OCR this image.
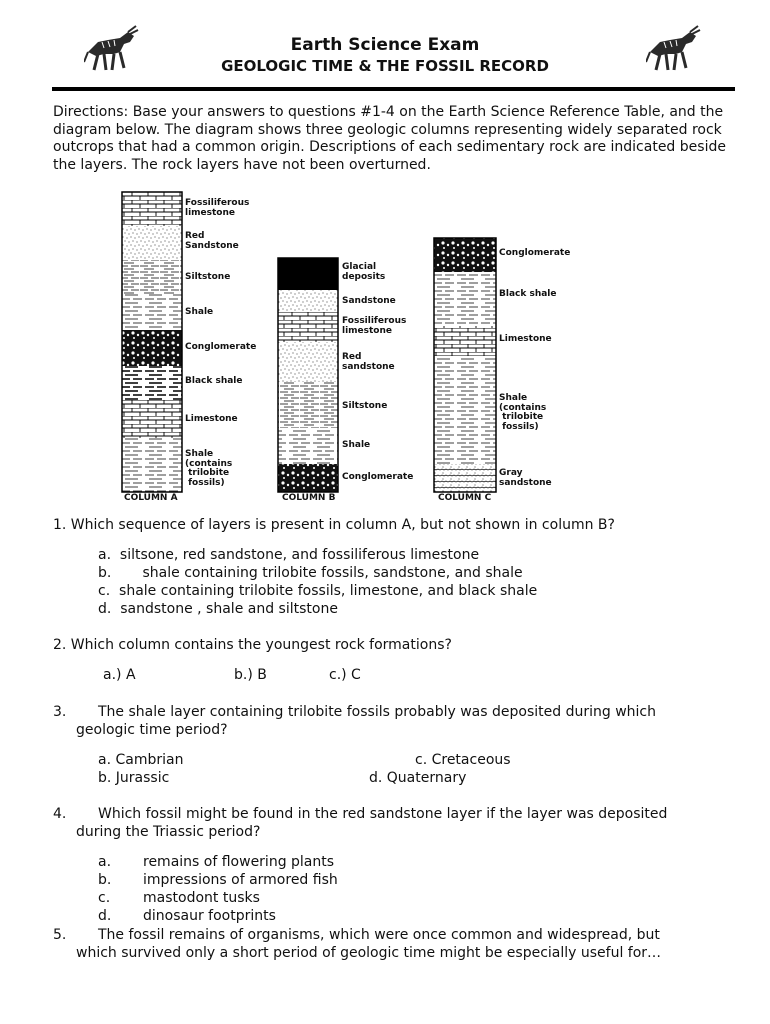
Earth Science Exam
GEOLOGIC TIME & THE FOSSIL RECORD
Directions: Base your answers to questions #1-4 on the Earth Science Reference Table, and the diagram below. The diagram shows three geologic columns representing widely separated rock outcrops that had a common origin. Descriptions of each sedimentary rock are indicated beside the layers. The rock layers have not been overturned.
Fossiliferous
limestone
Red
Sandstone
Siltstone
Shale
Conglomerate
Black shale
Limestone
Shale
(contains
trilobite
fossils)
COLUMN A
Glacial
deposits
Sandstone
Fossiliferous
limestone
Red
sandstone
Siltstone
Shale
Conglomerate
COLUMN B
Conglomerate
Black shale
Limestone
Shale
(contains
trilobite
fossils)
Gray
sandstone
COLUMN C
1. Which sequence of layers is present in column A, but not shown in column B?
a.  siltsone, red sandstone, and fossiliferous limestone
b.       shale containing trilobite fossils, sandstone, and shale
c.  shale containing trilobite fossils, limestone, and black shale
d.  sandstone , shale and siltstone
2. Which column contains the youngest rock formations?
a.) A	b.) B	c.) C
3. The shale layer containing trilobite fossils probably was deposited during which
geologic time period?
a. Cambrian	c. Cretaceous
b. Jurassic	d. Quaternary
4. Which fossil might be found in the red sandstone layer if the layer was deposited
during the Triassic period?
a. remains of flowering plants
b. impressions of armored fish
c. mastodont tusks
d. dinosaur footprints
5. The fossil remains of organisms, which were once common and widespread, but
which survived only a short period of geologic time might be especially useful for…
